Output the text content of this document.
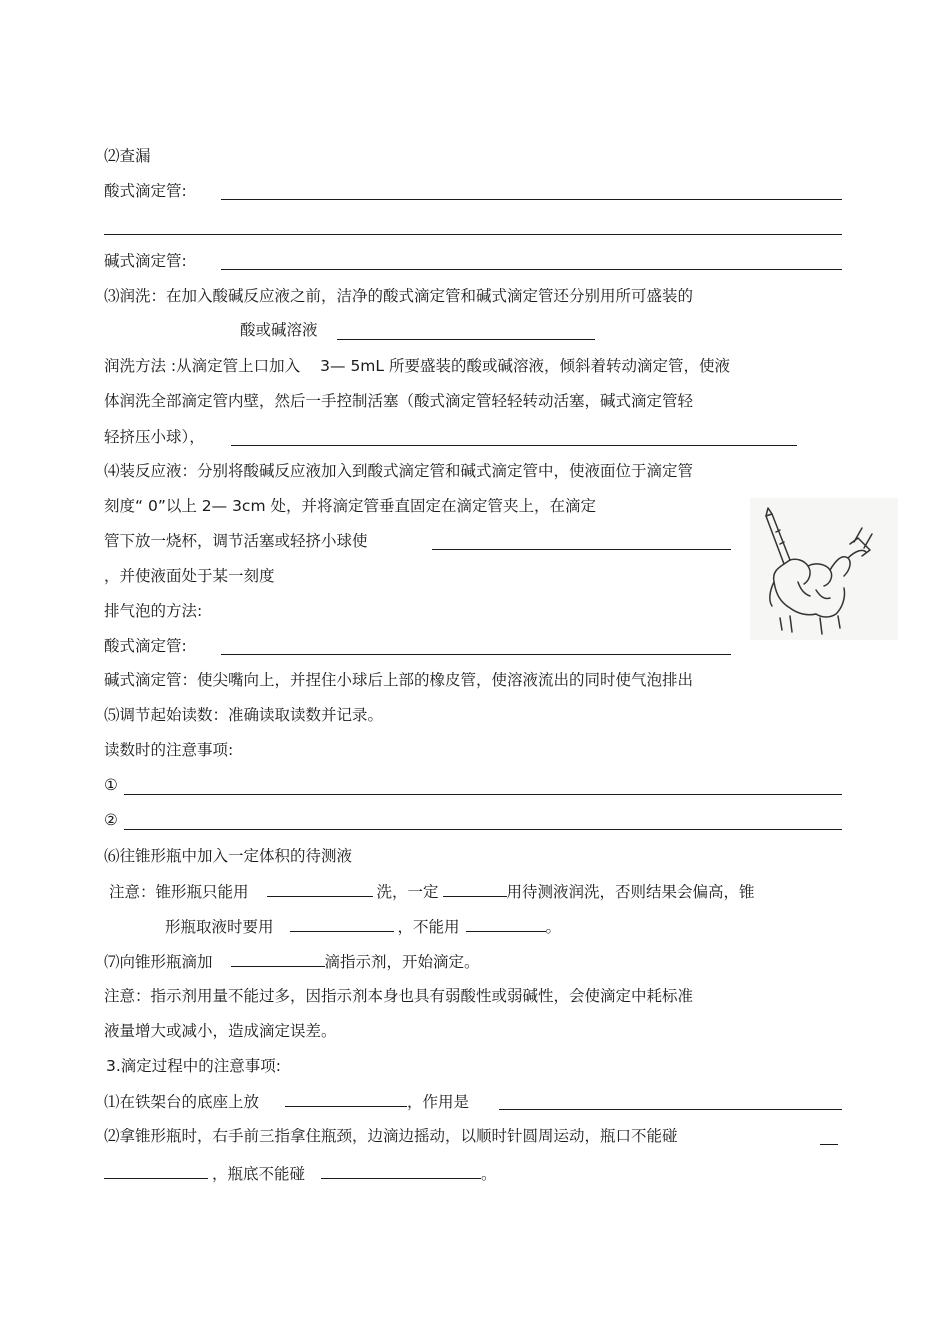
⑵查漏
酸式滴定管:
碱式滴定管:
⑶润洗：在加入酸碱反应液之前，洁净的酸式滴定管和碱式滴定管还分别用所可盛装的
酸或碱溶液
润洗方法 :从滴定管上口加入 3— 5mL 所要盛装的酸或碱溶液，倾斜着转动滴定管，使液
体润洗全部滴定管内壁，然后一手控制活塞（酸式滴定管轻轻转动活塞，碱式滴定管轻
轻挤压小球），
⑷装反应液：分别将酸碱反应液加入到酸式滴定管和碱式滴定管中，使液面位于滴定管
刻度“ 0”以上 2— 3cm 处，并将滴定管垂直固定在滴定管夹上，在滴定
管下放一烧杯，调节活塞或轻挤小球使
，并使液面处于某一刻度
排气泡的方法:
酸式滴定管:
碱式滴定管：使尖嘴向上，并捏住小球后上部的橡皮管，使溶液流出的同时使气泡排出
⑸调节起始读数：准确读取读数并记录。
读数时的注意事项:
①
②
⑹往锥形瓶中加入一定体积的待测液
注意：锥形瓶只能用	洗，一定	用待测液润洗，否则结果会偏高，锥
形瓶取液时要用	，不能用	。
⑺向锥形瓶滴加	滴指示剂，开始滴定。
注意：指示剂用量不能过多，因指示剂本身也具有弱酸性或弱碱性，会使滴定中耗标准
液量增大或减小，造成滴定误差。
3.滴定过程中的注意事项:
⑴在铁架台的底座上放	，作用是
⑵拿锥形瓶时，右手前三指拿住瓶颈，边滴边摇动，以顺时针圆周运动，瓶口不能碰
，瓶底不能碰	。
